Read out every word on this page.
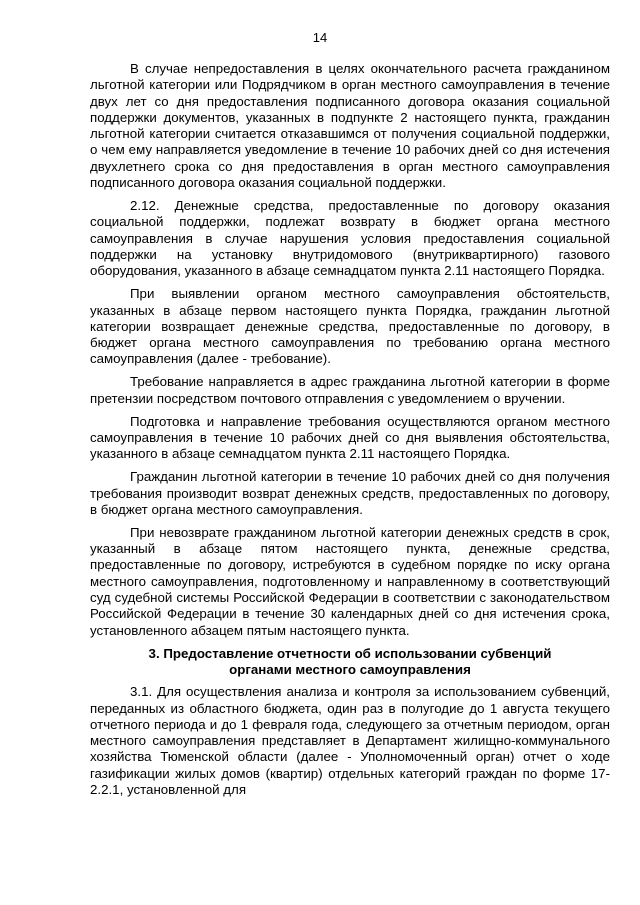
14

В случае непредоставления в целях окончательного расчета гражданином льготной категории или Подрядчиком в орган местного самоуправления в течение двух лет со дня предоставления подписанного договора оказания социальной поддержки документов, указанных в подпункте 2 настоящего пункта, гражданин льготной категории считается отказавшимся от получения социальной поддержки, о чем ему направляется уведомление в течение 10 рабочих дней со дня истечения двухлетнего срока со дня предоставления в орган местного самоуправления подписанного договора оказания социальной поддержки.

2.12. Денежные средства, предоставленные по договору оказания социальной поддержки, подлежат возврату в бюджет органа местного самоуправления в случае нарушения условия предоставления социальной поддержки на установку внутридомового (внутриквартирного) газового оборудования, указанного в абзаце семнадцатом пункта 2.11 настоящего Порядка.

При выявлении органом местного самоуправления обстоятельств, указанных в абзаце первом настоящего пункта Порядка, гражданин льготной категории возвращает денежные средства, предоставленные по договору, в бюджет органа местного самоуправления по требованию органа местного самоуправления (далее - требование).

Требование направляется в адрес гражданина льготной категории в форме претензии посредством почтового отправления с уведомлением о вручении.

Подготовка и направление требования осуществляются органом местного самоуправления в течение 10 рабочих дней со дня выявления обстоятельства, указанного в абзаце семнадцатом пункта 2.11 настоящего Порядка.

Гражданин льготной категории в течение 10 рабочих дней со дня получения требования производит возврат денежных средств, предоставленных по договору, в бюджет органа местного самоуправления.

При невозврате гражданином льготной категории денежных средств в срок, указанный в абзаце пятом настоящего пункта, денежные средства, предоставленные по договору, истребуются в судебном порядке по иску органа местного самоуправления, подготовленному и направленному в соответствующий суд судебной системы Российской Федерации в соответствии с законодательством Российской Федерации в течение 30 календарных дней со дня истечения срока, установленного абзацем пятым настоящего пункта.

3. Предоставление отчетности об использовании субвенций
органами местного самоуправления

3.1. Для осуществления анализа и контроля за использованием субвенций, переданных из областного бюджета, один раз в полугодие до 1 августа текущего отчетного периода и до 1 февраля года, следующего за отчетным периодом, орган местного самоуправления представляет в Департамент жилищно-коммунального хозяйства Тюменской области (далее - Уполномоченный орган) отчет о ходе газификации жилых домов (квартир) отдельных категорий граждан по форме 17-2.2.1, установленной для
